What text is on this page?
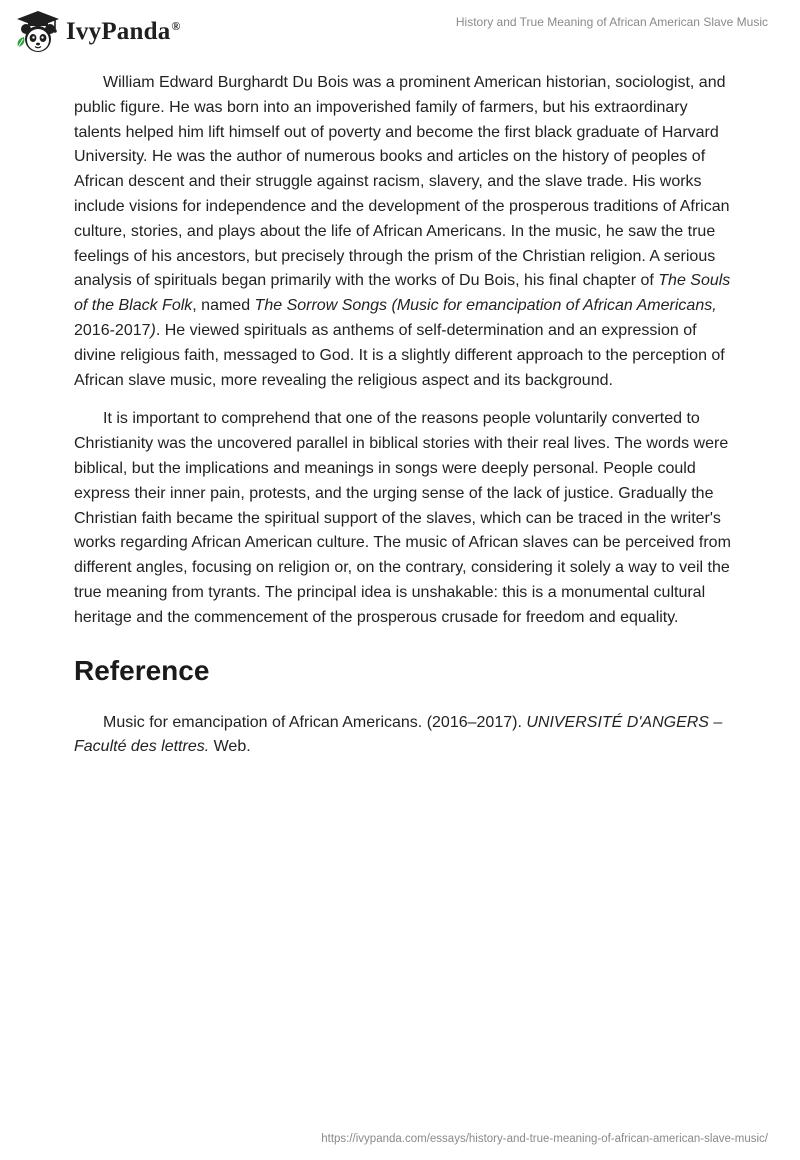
IvyPanda®	History and True Meaning of African American Slave Music

William Edward Burghardt Du Bois was a prominent American historian, sociologist, and public figure. He was born into an impoverished family of farmers, but his extraordinary talents helped him lift himself out of poverty and become the first black graduate of Harvard University. He was the author of numerous books and articles on the history of peoples of African descent and their struggle against racism, slavery, and the slave trade. His works include visions for independence and the development of the prosperous traditions of African culture, stories, and plays about the life of African Americans. In the music, he saw the true feelings of his ancestors, but precisely through the prism of the Christian religion. A serious analysis of spirituals began primarily with the works of Du Bois, his final chapter of The Souls of the Black Folk, named The Sorrow Songs (Music for emancipation of African Americans, 2016-2017). He viewed spirituals as anthems of self-determination and an expression of divine religious faith, messaged to God. It is a slightly different approach to the perception of African slave music, more revealing the religious aspect and its background.

It is important to comprehend that one of the reasons people voluntarily converted to Christianity was the uncovered parallel in biblical stories with their real lives. The words were biblical, but the implications and meanings in songs were deeply personal. People could express their inner pain, protests, and the urging sense of the lack of justice. Gradually the Christian faith became the spiritual support of the slaves, which can be traced in the writer's works regarding African American culture. The music of African slaves can be perceived from different angles, focusing on religion or, on the contrary, considering it solely a way to veil the true meaning from tyrants. The principal idea is unshakable: this is a monumental cultural heritage and the commencement of the prosperous crusade for freedom and equality.

Reference

Music for emancipation of African Americans. (2016–2017). UNIVERSITÉ D'ANGERS – Faculté des lettres. Web.

https://ivypanda.com/essays/history-and-true-meaning-of-african-american-slave-music/
